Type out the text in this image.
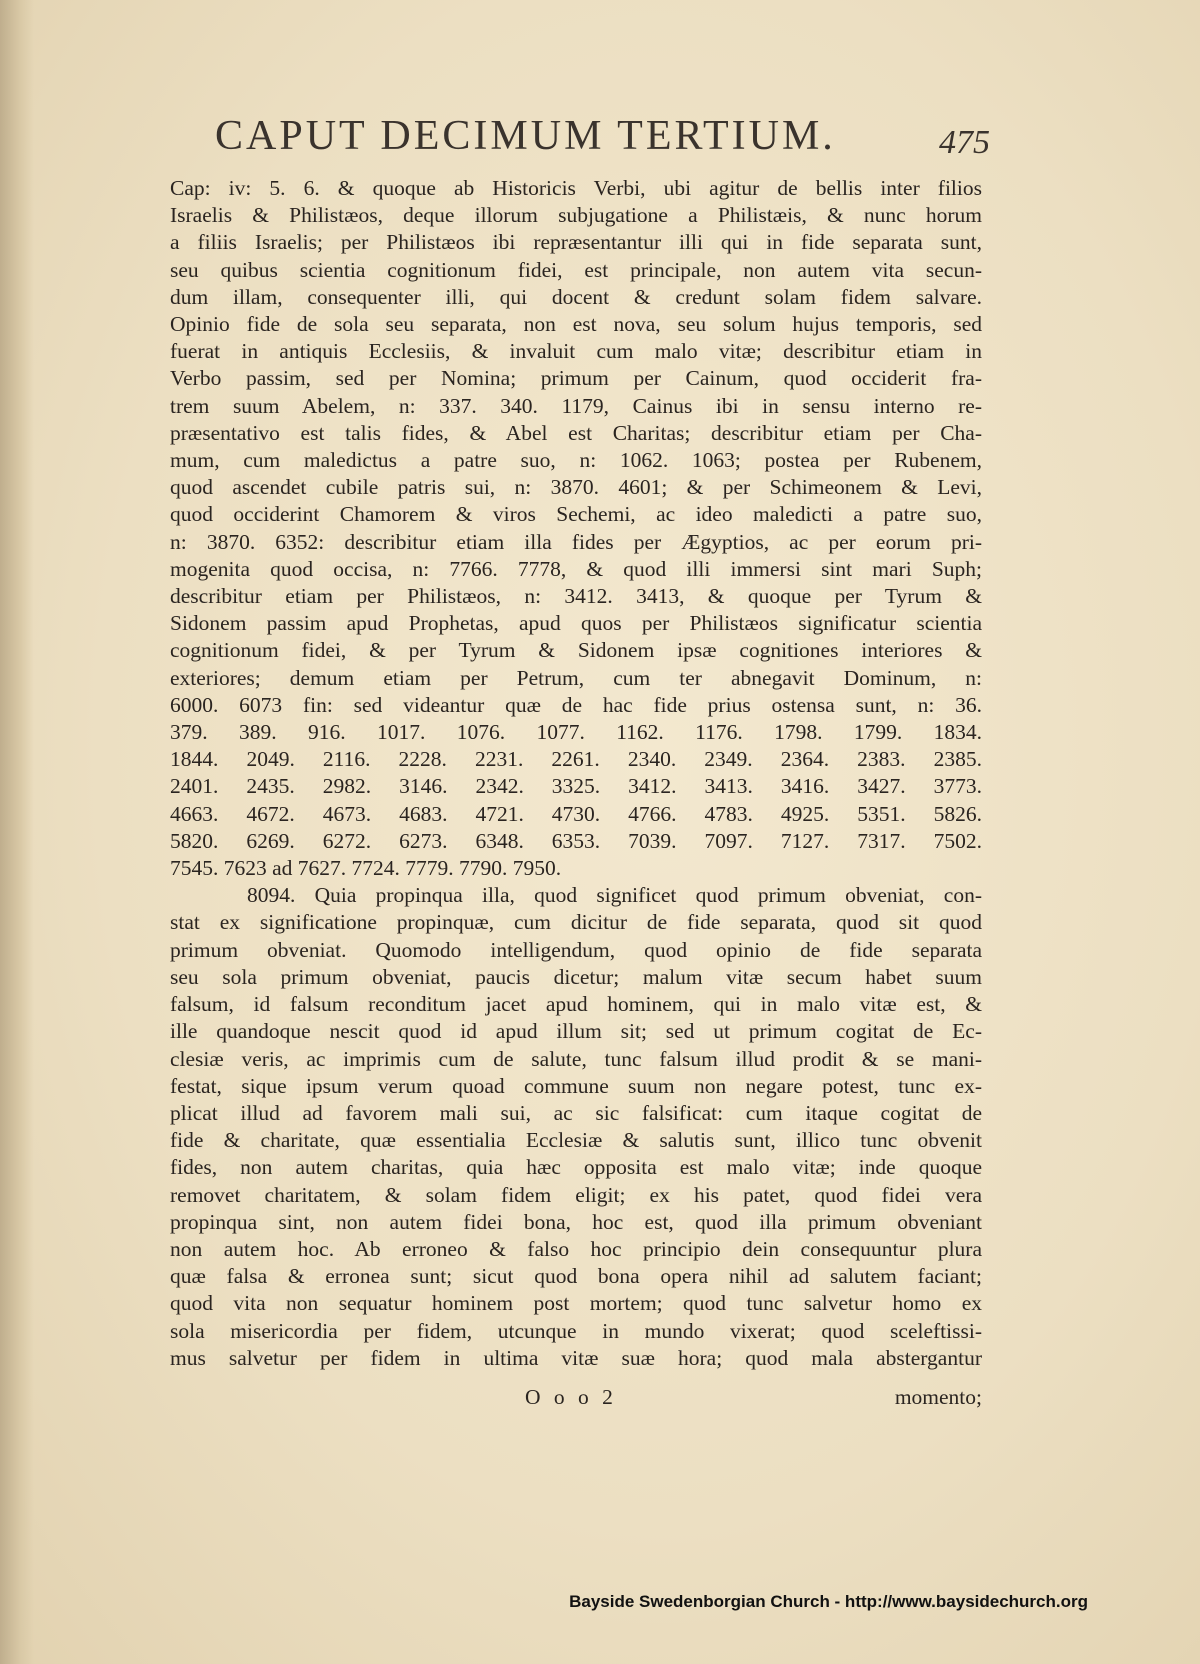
CAPUT DECIMUM TERTIUM.	475
Cap: iv: 5. 6. & quoque ab Historicis Verbi, ubi agitur de bellis inter filios
Israelis & Philistæos, deque illorum subjugatione a Philistæis, & nunc horum
a filiis Israelis; per Philistæos ibi repræsentantur illi qui in fide separata sunt,
seu quibus scientia cognitionum fidei, est principale, non autem vita secun-
dum illam, consequenter illi, qui docent & credunt solam fidem salvare.
Opinio fide de sola seu separata, non est nova, seu solum hujus temporis, sed
fuerat in antiquis Ecclesiis, & invaluit cum malo vitæ; describitur etiam in
Verbo passim, sed per Nomina; primum per Cainum, quod occiderit fra-
trem suum Abelem, n: 337. 340. 1179, Cainus ibi in sensu interno re-
præsentativo est talis fides, & Abel est Charitas; describitur etiam per Cha-
mum, cum maledictus a patre suo, n: 1062. 1063; postea per Rubenem,
quod ascendet cubile patris sui, n: 3870. 4601; & per Schimeonem & Levi,
quod occiderint Chamorem & viros Sechemi, ac ideo maledicti a patre suo,
n: 3870. 6352: describitur etiam illa fides per Ægyptios, ac per eorum pri-
mogenita quod occisa, n: 7766. 7778, & quod illi immersi sint mari Suph;
describitur etiam per Philistæos, n: 3412. 3413, & quoque per Tyrum &
Sidonem passim apud Prophetas, apud quos per Philistæos significatur scientia
cognitionum fidei, & per Tyrum & Sidonem ipsæ cognitiones interiores &
exteriores; demum etiam per Petrum, cum ter abnegavit Dominum, n:
6000. 6073 fin: sed videantur quæ de hac fide prius ostensa sunt, n: 36.
379. 389. 916. 1017. 1076. 1077. 1162. 1176. 1798. 1799. 1834.
1844. 2049. 2116. 2228. 2231. 2261. 2340. 2349. 2364. 2383. 2385.
2401. 2435. 2982. 3146. 2342. 3325. 3412. 3413. 3416. 3427. 3773.
4663. 4672. 4673. 4683. 4721. 4730. 4766. 4783. 4925. 5351. 5826.
5820. 6269. 6272. 6273. 6348. 6353. 7039. 7097. 7127. 7317. 7502.
7545. 7623 ad 7627. 7724. 7779. 7790. 7950.
8094. Quia propinqua illa, quod significet quod primum obveniat, con-
stat ex significatione propinquæ, cum dicitur de fide separata, quod sit quod
primum obveniat. Quomodo intelligendum, quod opinio de fide separata
seu sola primum obveniat, paucis dicetur; malum vitæ secum habet suum
falsum, id falsum reconditum jacet apud hominem, qui in malo vitæ est, &
ille quandoque nescit quod id apud illum sit; sed ut primum cogitat de Ec-
clesiæ veris, ac imprimis cum de salute, tunc falsum illud prodit & se mani-
festat, sique ipsum verum quoad commune suum non negare potest, tunc ex-
plicat illud ad favorem mali sui, ac sic falsificat: cum itaque cogitat de
fide & charitate, quæ essentialia Ecclesiæ & salutis sunt, illico tunc obvenit
fides, non autem charitas, quia hæc opposita est malo vitæ; inde quoque
removet charitatem, & solam fidem eligit; ex his patet, quod fidei vera
propinqua sint, non autem fidei bona, hoc est, quod illa primum obveniant
non autem hoc. Ab erroneo & falso hoc principio dein consequuntur plura
quæ falsa & erronea sunt; sicut quod bona opera nihil ad salutem faciant;
quod vita non sequatur hominem post mortem; quod tunc salvetur homo ex
sola misericordia per fidem, utcunque in mundo vixerat; quod sceleftissi-
mus salvetur per fidem in ultima vitæ suæ hora; quod mala abstergantur
O o o 2	momento;
Bayside Swedenborgian Church - http://www.baysidechurch.org
